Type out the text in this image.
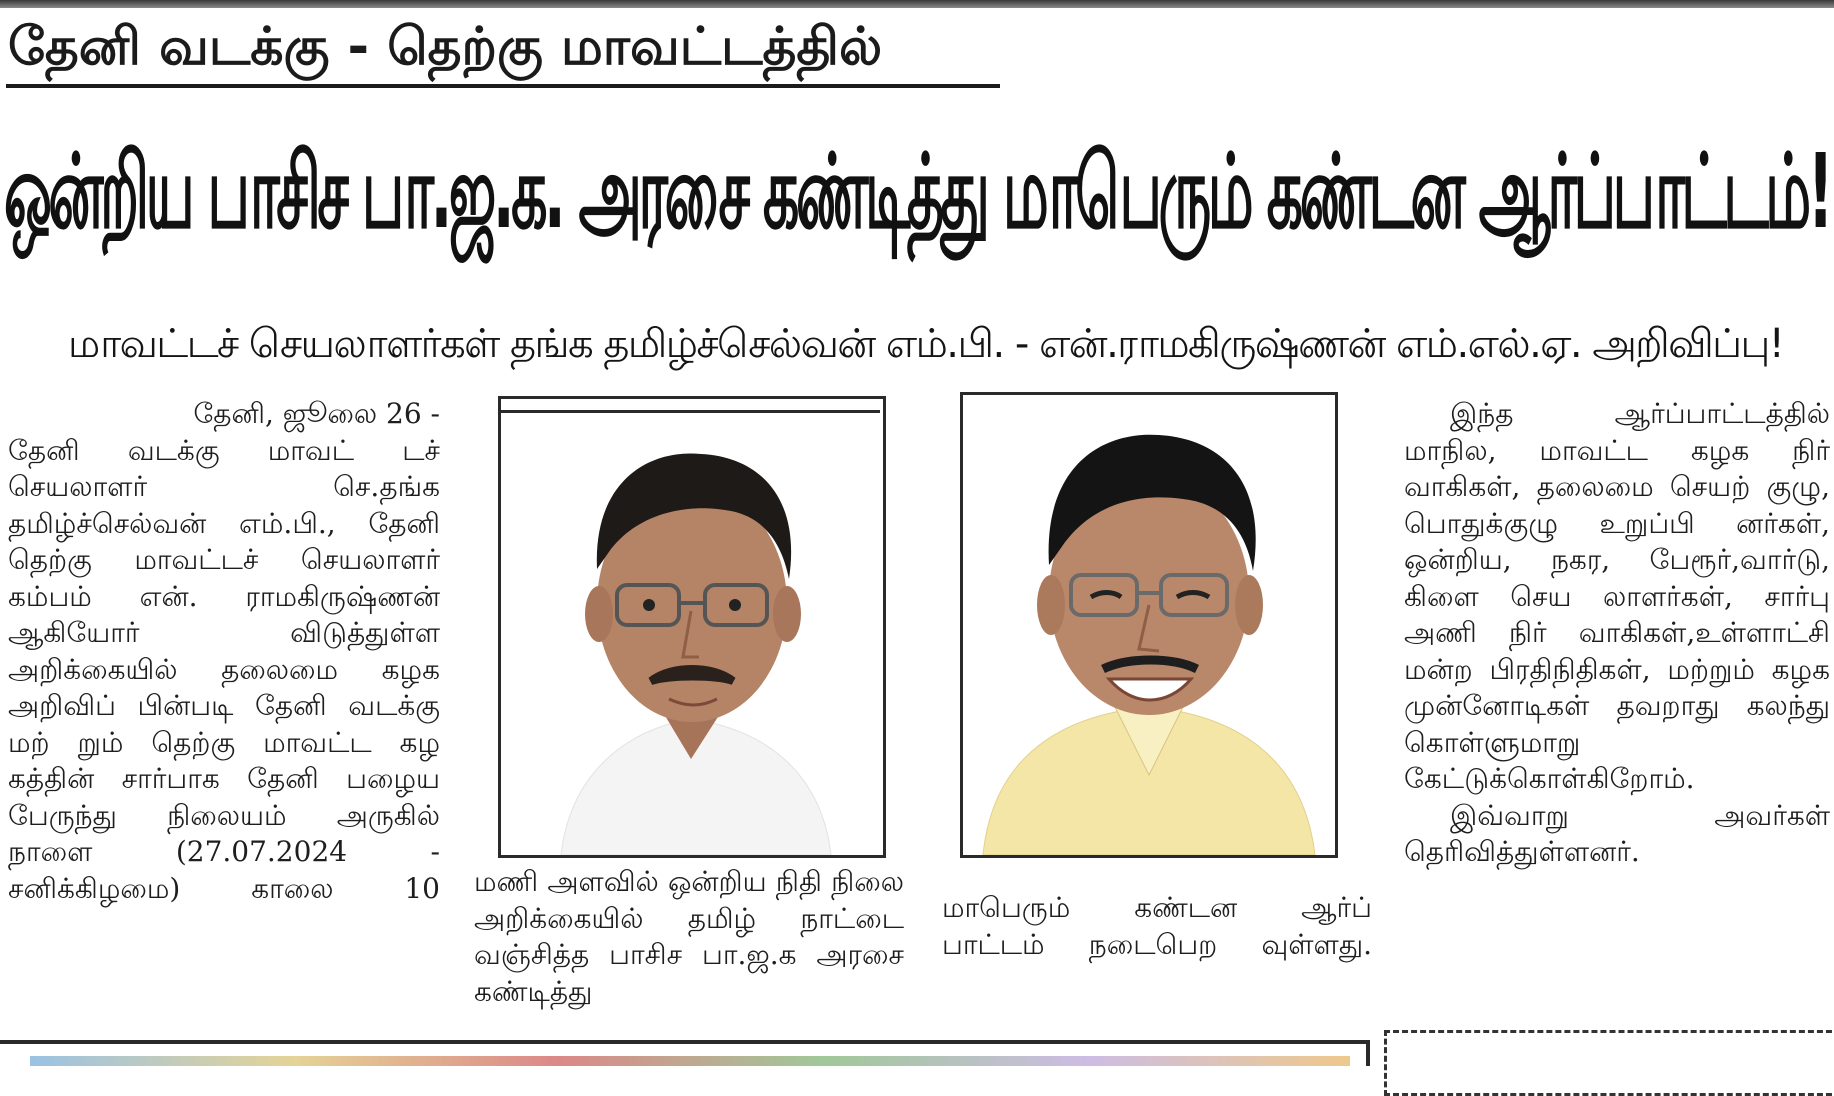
தேனி வடக்கு - தெற்கு மாவட்டத்தில்
ஒன்றிய பாசிச பா.ஜ.க. அரசை கண்டித்து மாபெரும் கண்டன ஆர்ப்பாட்டம்!
மாவட்டச் செயலாளர்கள் தங்க தமிழ்ச்செல்வன் எம்.பி. - என்.ராமகிருஷ்ணன் எம்.எல்.ஏ. அறிவிப்பு!

தேனி, ஜூலை 26 -

தேனி வடக்கு மாவட் டச் செயலாளர் செ.தங்க தமிழ்ச்செல்வன் எம்.பி., தேனி தெற்கு மாவட்டச் செயலாளர் கம்பம் என். ராமகிருஷ்ணன் ஆகியோர் விடுத்துள்ள அறிக்கையில் தலைமை கழக அறிவிப் பின்படி தேனி வடக்கு மற் றும் தெற்கு மாவட்ட கழ கத்தின் சார்பாக தேனி பழைய பேருந்து நிலையம் அருகில் நாளை (27.07.2024 - சனிக்கிழமை) காலை 10 மணி அளவில் ஒன்றிய நிதி நிலை அறிக்கையில் தமிழ் நாட்டை வஞ்சித்த பாசிச பா.ஜ.க அரசை கண்டித்து

மாபெரும் கண்டன ஆர்ப் பாட்டம் நடைபெற வுள்ளது.

இந்த ஆர்ப்பாட்டத்தில் மாநில, மாவட்ட கழக நிர் வாகிகள், தலைமை செயற் குழு, பொதுக்குழு உறுப்பி னர்கள், ஒன்றிய, நகர, பேரூர்,வார்டு, கிளை செய லாளர்கள், சார்பு அணி நிர் வாகிகள்,உள்ளாட்சி மன்ற பிரதிநிதிகள், மற்றும் கழக முன்னோடிகள் தவறாது கலந்து கொள்ளுமாறு கேட்டுக்கொள்கிறோம்.

இவ்வாறு அவர்கள் தெரிவித்துள்ளனர்.
